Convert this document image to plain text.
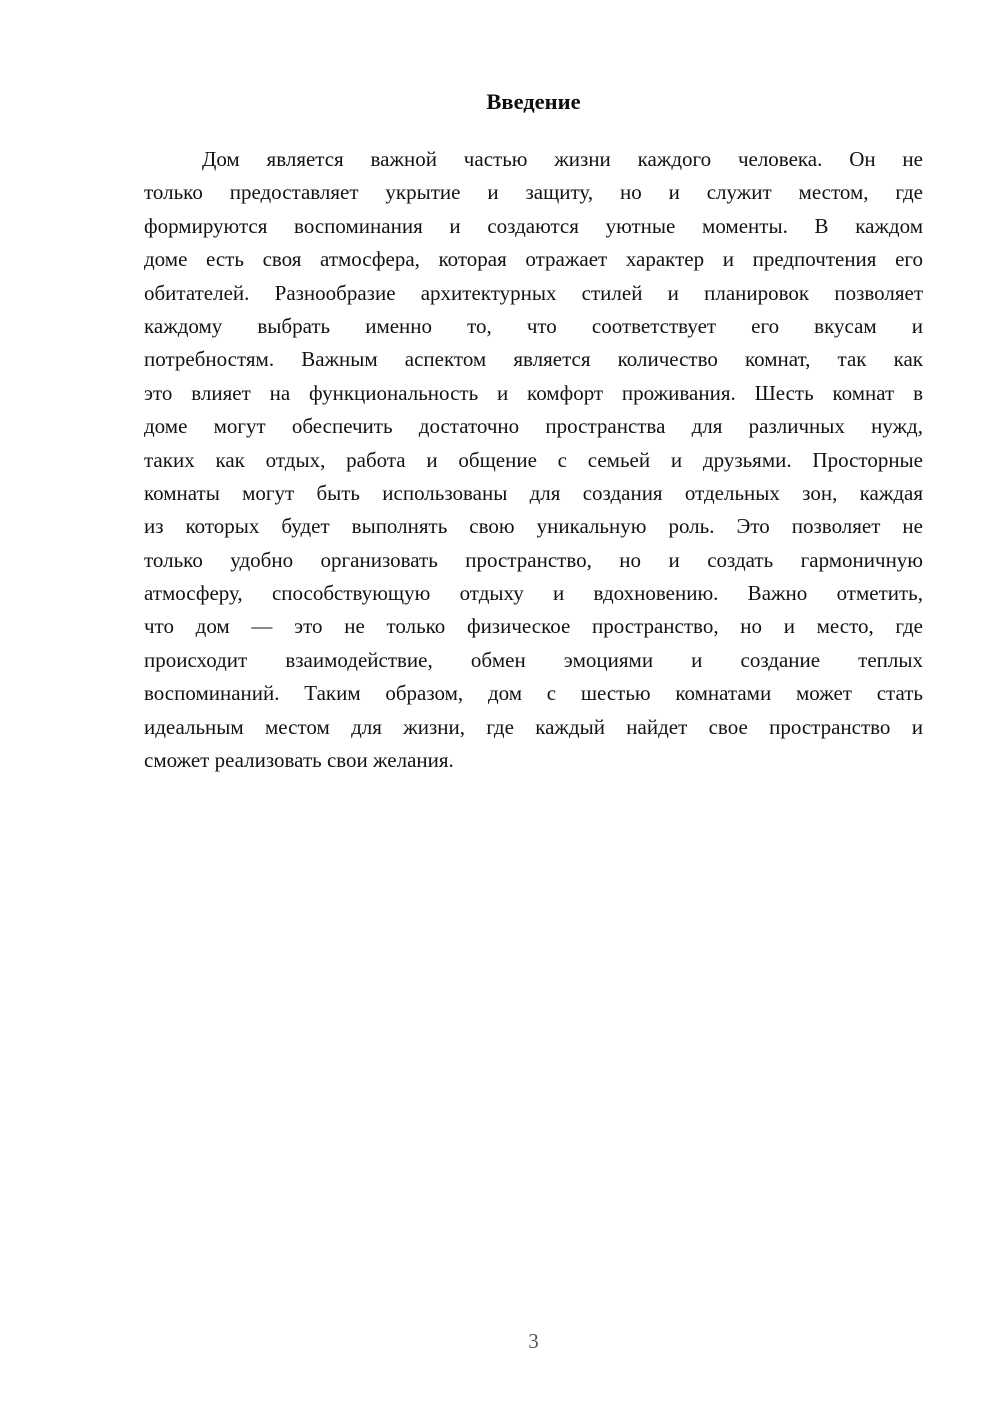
Введение
Дом является важной частью жизни каждого человека. Он не
только предоставляет укрытие и защиту, но и служит местом, где
формируются воспоминания и создаются уютные моменты. В каждом
доме есть своя атмосфера, которая отражает характер и предпочтения его
обитателей. Разнообразие архитектурных стилей и планировок позволяет
каждому выбрать именно то, что соответствует его вкусам и
потребностям. Важным аспектом является количество комнат, так как
это влияет на функциональность и комфорт проживания. Шесть комнат в
доме могут обеспечить достаточно пространства для различных нужд,
таких как отдых, работа и общение с семьей и друзьями. Просторные
комнаты могут быть использованы для создания отдельных зон, каждая
из которых будет выполнять свою уникальную роль. Это позволяет не
только удобно организовать пространство, но и создать гармоничную
атмосферу, способствующую отдыху и вдохновению. Важно отметить,
что дом — это не только физическое пространство, но и место, где
происходит взаимодействие, обмен эмоциями и создание теплых
воспоминаний. Таким образом, дом с шестью комнатами может стать
идеальным местом для жизни, где каждый найдет свое пространство и
сможет реализовать свои желания.
3
